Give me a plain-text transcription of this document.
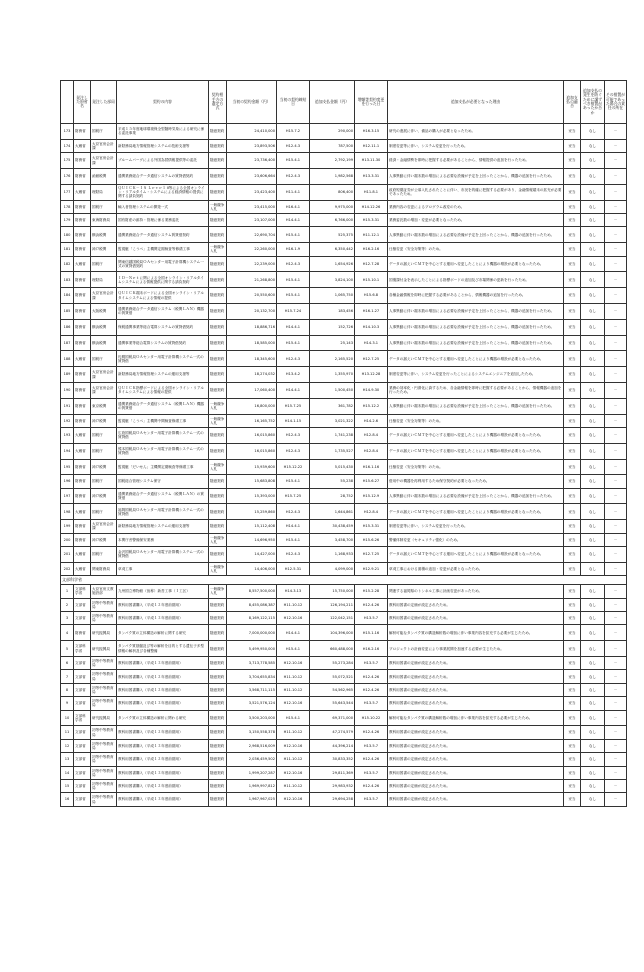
	発注した府省名	発注した部局	契約の内容	契約相手方の選定方式	当初の契約金額（円）	当初の契約締結日	追加支払金額（円）	増額等契約変更を行った日	追加支払が必要となった理由	追加支払の適否	追加支払の発生を防ぐために講ずべき措置があったか否か	その措置が可能であった場合の責任の所在
173	財務省	国税庁	平成１５年度地球環境保全型随時気象による研究に係る委託事業	随意契約	24,410,000	H15.7.2	290,000	H16.3.15	研究の進展に伴い、備品の購入が必要となったため。	妥当	なし	－
174	大蔵省	大臣官房会計課	新財務局地方情報管理システムの技術支援等	随意契約	23,893,506	H12.4.3	787,500	H12.11.1	制度変更等に伴い、システム変更を行ったため。	妥当	なし	－
175	財務省	大臣官房会計課	ブルームバーグによる外国為替情報提供等の委託	随意契約	23,736,400	H15.4.1	2,792,199	H13.11.30	経済・金融情勢を即時に把握する必要があることから、情報提供の追加を行ったため。	妥当	なし	－
176	財務省	函館税関	通関業務総合データ通信システムの賃貸借契約	随意契約	23,606,664	H12.4.3	1,982,568	H13.3.31	人事異動に伴い端末数の増加による必要な設備が予定を上回ったことから、機器の追加を行ったため。	妥当	なし	－
177	大蔵省	理財局	ＱＵＩＣＫ－ＩＳ Ｌｅｖｅｌ Ⅱ等による全国オンライン・リアルタイム・システムによる経済情報の提供に関する請負契約	随意契約	23,423,400	H11.4.1	806,400	H11.8.1	政府短期証券が公募入札されたことに伴い、市況を的確に把握する必要があり、金融情報端末の拡充が必要であったため。	妥当	なし	－
178	財務省	国税庁	輸入者管理システムの開発一式	一般競争入札	23,415,000	H16.4.1	9,975,000	H14.12.26	業務内容の変更によるプログラム改変のため。	妥当	なし	－
179	財務省	東海財務局	国有財産の維持・管理に係る業務委託	随意契約	23,107,000	H14.4.1	6,766,000	H15.3.31	業務委託数の増加・変更が必要となったため。	妥当	なし	－
180	財務省	横浜税関	通関業務総合データ通信システム賃貸借契約	随意契約	22,690,704	H15.4.1	525,375	H11.12.1	人事異動に伴い端末数の増加による必要な設備が予定を上回ったことから、機器の追加を行ったため。	妥当	なし	－
181	財務省	神戸税関	監視艇「こうべ」主機関定期検査等修繕工事	一般競争入札	22,260,000	H16.1.9	6,350,442	H16.2.16	仕様変更（安全対策等）のため。	妥当	なし	－
182	大蔵省	国税庁	関東信越国税局ＯＡセンター用電子計算機システム一式の賃貸借契約	随意契約	22,239,000	H12.4.3	1,654,926	H12.7.28	データの漏えいＣＭＴを中心とする運用へ変更したことにより機器の増設が必要となったため。	妥当	なし	－
183	財務省	理財局	ＩＤ－Ｎｅｔに関による全国オンライン・リアルタイムシステムによる情報提供に関する請負契約	随意契約	21,268,800	H15.4.1	3,824,100	H15.10.1	国債課付金を表示したことによる指標ボードの追加及び市場関係の更新を行ったため。	妥当	なし	－
184	財務省	大臣官房会計課	ＱＵＩＣＫ端末ボードによる全国オンライン・リアルタイムシステムによる情報の提供	随意契約	20,550,600	H15.4.1	1,065,750	H15.6.8	各種金融情報を即時に把握する必要があることから、情報機器の追加を行ったため。	妥当	なし	－
185	財務省	大阪税関	通関業務総合データ通信システム（税関ＬＡＮ）機器の賃貸借	随意契約	20,132,700	H15.7.24	183,456	H16.1.27	人事異動に伴い端末数の増加による必要な設備が予定を上回ったことから、機器の追加を行ったため。	妥当	なし	－
186	財務省	横浜税関	保税通関事業等総合電算システムの賃貸借契約	随意契約	18,886,716	H14.4.1	152,726	H14.10.3	人事異動に伴い端末数の増加による必要な設備が予定を上回ったことから、機器の追加を行ったため。	妥当	なし	－
187	財務省	横浜税関	通関事業等総合電算システムの賃貸借契約	随意契約	18,585,000	H15.4.1	25,143	H14.3.1	人事異動に伴い端末数の増加による必要な設備が予定を上回ったことから、機器の追加を行ったため。	妥当	なし	－
188	大蔵省	国税庁	札幌国税局ＯＡセンター用電子計算機システム一式の賃貸借	随意契約	18,345,600	H12.4.3	2,165,520	H12.7.25	データの漏えいＣＭＴを中心とする運用へ変更したことにより機器の増設が必要となったため。	妥当	なし	－
189	財務省	大臣官房会計課	新財務局地方情報管理システムの運用支援等	随意契約	18,274,032	H13.4.2	1,355,970	H13.12.28	制度変更等に伴い、システム変更を行ったことによるシステムエンジニアを追加したため。	妥当	なし	－
190	財務省	大臣官房会計課	ＱＵＩＣＫ指標ボードによる全国オンライン・リアルタイムシステムによる情報の提供	随意契約	17,060,400	H14.4.1	1,500,450	H14.9.30	業務の効率化・円滑化に資するため、各金融情報を即時に把握する必要があることから、情報機器の追加を行ったため。	妥当	なし	－
191	財務省	東京税関	通関業務総合データ通信システム（税関ＬＡＮ）機器の賃貸借	一般競争入札	16,800,000	H15.7.25	361,782	H15.12.2	人事異動に伴い端末数の増加による必要な設備が予定を上回ったことから、機器の追加を行ったため。	妥当	なし	－
192	財務省	神戸税関	監視艇「こうべ」主機関中間検査修繕工事	一般競争入札	16,165,752	H14.1.15	3,021,322	H14.2.6	仕様変更（安全対策等）のため。	妥当	なし	－
193	大蔵省	国税庁	広島国税局ＯＡセンター用電子計算機システム一式の賃貸借	随意契約	16,015,860	H12.4.3	1,741,238	H12.8.4	データの漏えいＣＭＴを中心とする運用へ変更したことにより機器の増設が必要となったため。	妥当	なし	－
194	大蔵省	国税庁	熊本国税局ＯＡセンター用電子計算機システム一式の賃貸借	随意契約	16,015,860	H12.4.3	1,735,527	H12.8.4	データの漏えいＣＭＴを中心とする運用へ変更したことにより機器の増設が必要となったため。	妥当	なし	－
195	財務省	神戸税関	監視艇「だいせん」主機関定期検査等修繕工事	一般競争入札	15,939,600	H15.12.22	5,015,430	H16.1.16	仕様変更（安全対策等）のため。	妥当	なし	－
196	財務省	国税庁	国税総合管理システム保守	随意契約	15,683,808	H15.4.1	55,238	H15.6.27	借用中の機器を再利用するため保守契約が必要となったため。	妥当	なし	－
197	財務省	神戸税関	通関業務総合データ通信システム（税関ＬＡＮ）の賃貸借	随意契約	15,393,000	H15.7.25	28,752	H15.12.9	人事異動に伴い端末数の増加による必要な設備が予定を上回ったことから、機器の追加を行ったため。	妥当	なし	－
198	大蔵省	国税庁	福岡国税局ＯＡセンター用電子計算機システム一式の賃貸借	随意契約	15,259,860	H12.4.3	1,644,861	H12.8.4	データの漏えいＣＭＴを中心とする運用へ変更したことにより機器の増設が必要となったため。	妥当	なし	－
199	財務省	大臣官房会計課	新財務局地方情報管理システムの運用支援等	随意契約	15,112,408	H14.4.1	30,438,459	H15.3.31	制度変更等に伴い、システム変更を行ったため。	妥当	なし	－
200	財務省	神戸税関	本関庁舎警備保安業務	一般競争入札	14,696,950	H15.4.1	3,458,700	H15.6.26	警備体制変更（セキュリティ強化）のため。	妥当	なし	－
201	大蔵省	国税庁	金沢国税局ＯＡセンター用電子計算機システム一式の賃貸借	随意契約	14,427,000	H12.4.3	1,168,933	H12.7.25	データの漏えいＣＭＴを中心とする運用へ変更したことにより機器の増設が必要となったため。	妥当	なし	－
202	大蔵省	関東財務局	草刈工事	一般競争入札	14,406,000	H12.5.31	4,099,000	H12.9.21	草刈工事における面積の追加・変更が必要となったため。	妥当	なし	－
文部科学省												
1	文部科学省	大臣官房文教施設部	九州国立博物館（仮称）新営工事（Ｉ工区）	一般競争入札	8,557,500,000	H14.3.13	15,750,000	H15.2.28	関連する福岡県のトンネル工事に計画変更があったため。	妥当	なし	－
2	文部省	初等中等教育局	教科用図書購入（平成１２年度前期用）	随意契約	8,455,086,387	H11.10.12	126,194,211	H12.4.26	教科用図書の定価が改定されたため。	妥当	なし	－
3	文部省	初等中等教育局	教科用図書購入（平成１３年度前期用）	随意契約	8,169,122,115	H12.10.16	122,042,151	H13.5.7	教科用図書の定価が改定されたため。	妥当	なし	－
4	財務省	研究振興局	タンパク質の立体構造の解析に関する研究	随意契約	7,000,000,000	H14.4.1	104,396,000	H15.1.16	解析可能なタンパク質の構造解析数の増加に伴い事業内容を拡充する必要が生じたため。	妥当	なし	－
5	文部科学省	研究振興局	タンパク質基盤及び等の解析を目的とする遺伝子多型情報の解析及び各種整備	随意契約	5,499,950,000	H15.4.1	660,488,000	H16.2.16	プロジェクトの計画変更により事業展開を加速する必要が生じたため。	妥当	なし	－
6	文部省	初等中等教育局	教科用図書購入（平成１３年度前期用）	随意契約	3,713,778,585	H12.10.16	55,273,284	H13.5.7	教科用図書の定価が改定されたため。	妥当	なし	－
7	文部省	初等中等教育局	教科用図書購入（平成１２年度前期用）	随意契約	3,704,655,834	H11.10.12	55,072,521	H12.4.26	教科用図書の定価が改定されたため。	妥当	なし	－
8	文部省	初等中等教育局	教科用図書購入（平成１２年度前期用）	随意契約	3,568,711,115	H11.10.12	54,562,965	H12.4.26	教科用図書の定価が改定されたため。	妥当	なし	－
9	文部省	初等中等教育局	教科用図書購入（平成１３年度前期用）	随意契約	3,521,576,124	H12.10.16	55,643,544	H13.5.7	教科用図書の定価が改定されたため。	妥当	なし	－
10	文部科学省	研究振興局	タンパク質の立体構造の解析に関わる研究	随意契約	3,500,203,000	H15.4.1	69,371,000	H15.10.22	解析可能なタンパク質の構造解析数の増加に伴い事業内容を拡充する必要が生じたため。	妥当	なし	－
11	文部省	初等中等教育局	教科用図書購入（平成１２年度前期用）	随意契約	3,150,558,378	H11.10.12	47,274,579	H12.4.26	教科用図書の定価が改定されたため。	妥当	なし	－
12	文部省	初等中等教育局	教科用図書購入（平成１３年度前期用）	随意契約	2,968,516,009	H12.10.16	44,396,214	H13.5.7	教科用図書の定価が改定されたため。	妥当	なし	－
13	文部省	初等中等教育局	教科用図書購入（平成１２年度前期用）	随意契約	2,036,459,502	H11.10.12	30,833,352	H12.4.26	教科用図書の定価が改定されたため。	妥当	なし	－
14	文部省	初等中等教育局	教科用図書購入（平成１３年度前期用）	随意契約	1,999,207,287	H12.10.16	29,811,369	H13.5.7	教科用図書の定価が改定されたため。	妥当	なし	－
15	文部省	初等中等教育局	教科用図書購入（平成１２年度前期用）	随意契約	1,969,997,812	H11.10.12	29,983,932	H12.4.26	教科用図書の定価が改定されたため。	妥当	なし	－
16	文部省	初等中等教育局	教科用図書購入（平成１３年度前期用）	随意契約	1,967,967,025	H12.10.16	29,694,258	H13.5.7	教科用図書の定価が改定されたため。	妥当	なし	－
